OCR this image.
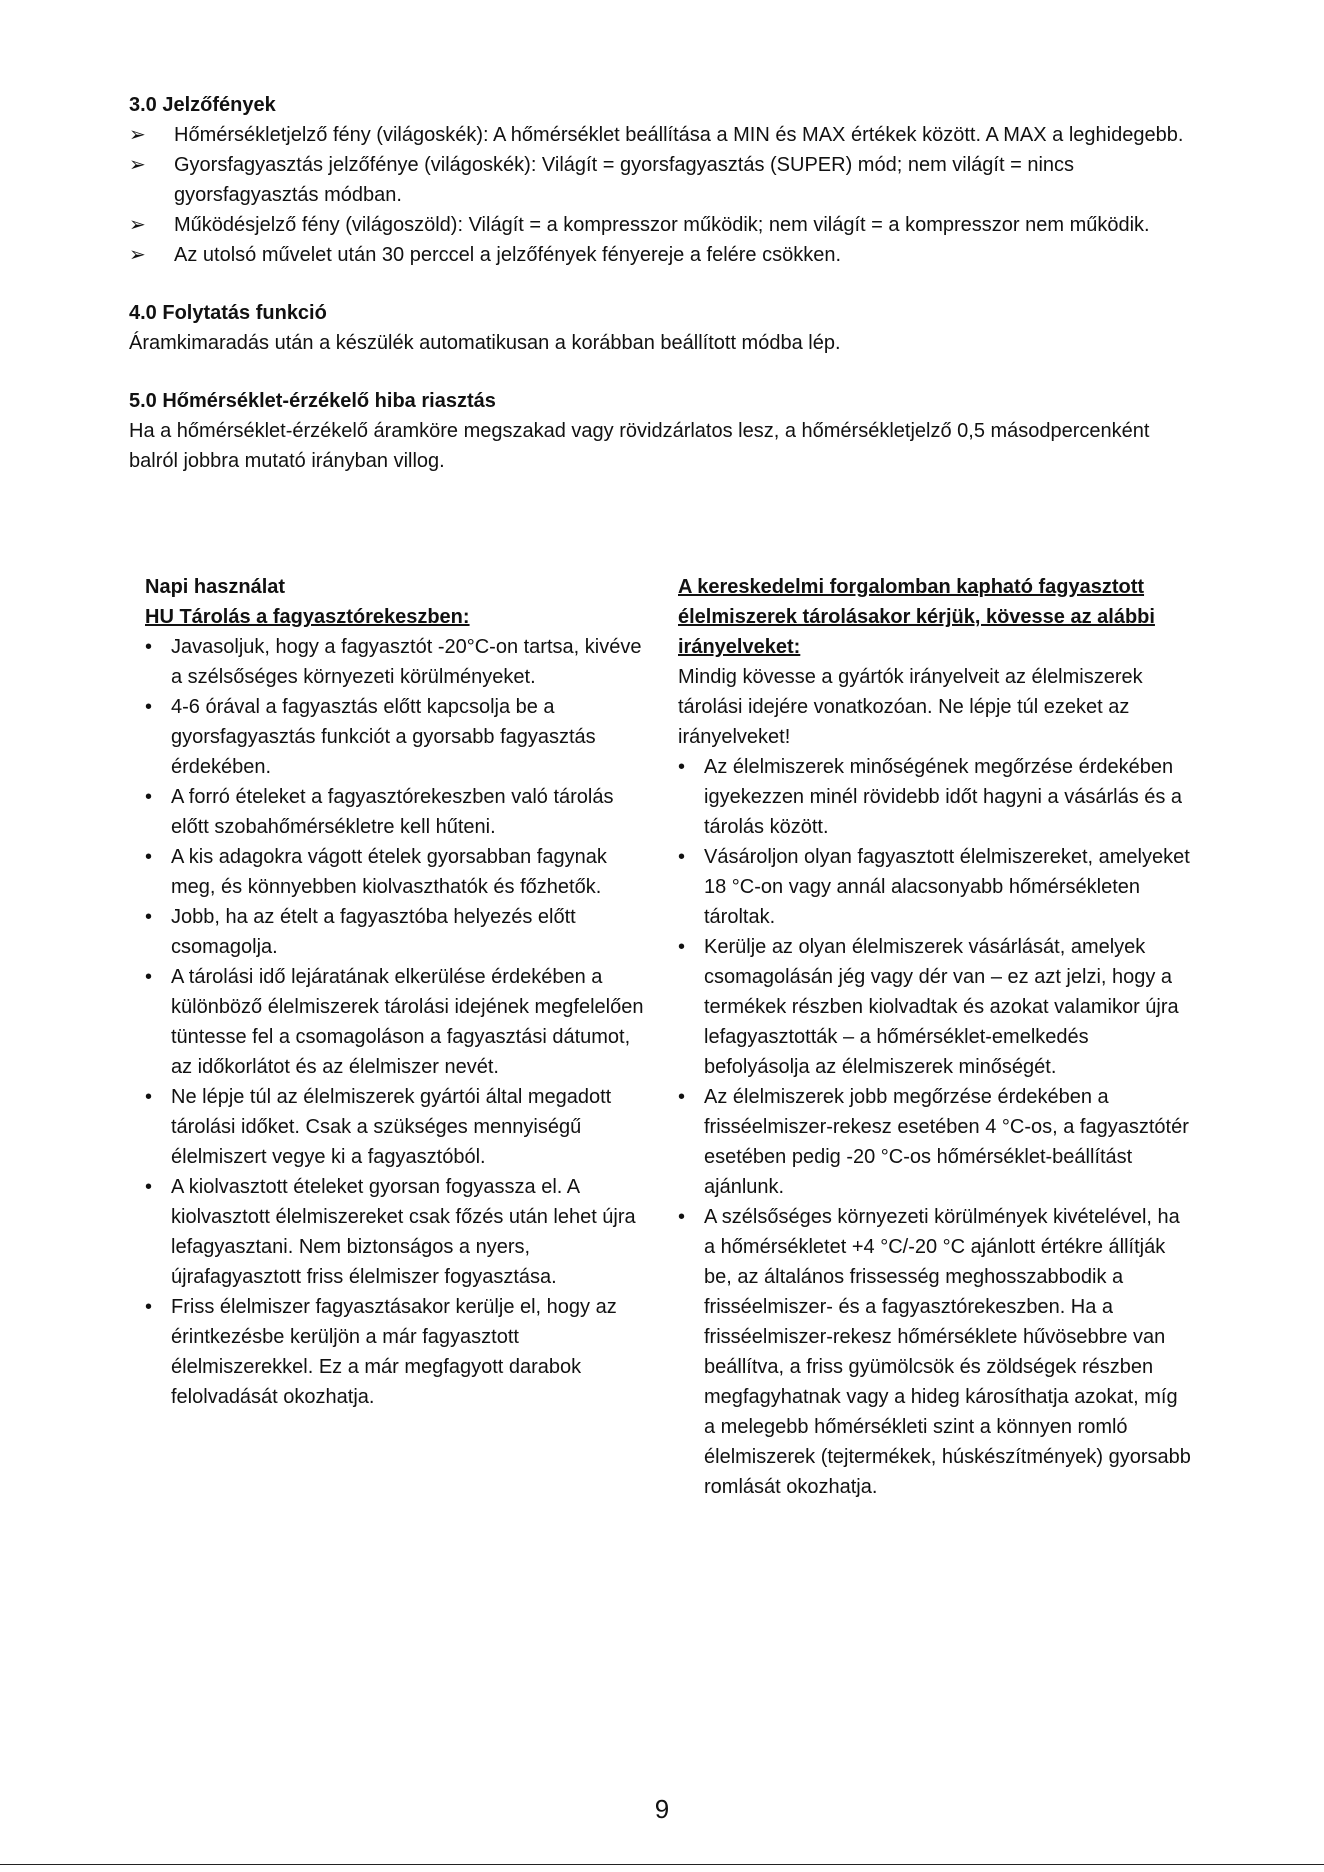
3.0 Jelzőfények
➢ Hőmérsékletjelző fény (világoskék): A hőmérséklet beállítása a MIN és MAX értékek között. A MAX a leghidegebb.
➢ Gyorsfagyasztás jelzőfénye (világoskék): Világít = gyorsfagyasztás (SUPER) mód; nem világít = nincs gyorsfagyasztás módban.
➢ Működésjelző fény (világoszöld): Világít = a kompresszor működik; nem világít = a kompresszor nem működik.
➢ Az utolsó művelet után 30 perccel a jelzőfények fényereje a felére csökken.
4.0 Folytatás funkció
Áramkimaradás után a készülék automatikusan a korábban beállított módba lép.
5.0 Hőmérséklet-érzékelő hiba riasztás
Ha a hőmérséklet-érzékelő áramköre megszakad vagy rövidzárlatos lesz, a hőmérsékletjelző 0,5 másodpercenként balról jobbra mutató irányban villog.
Napi használat
HU Tárolás a fagyasztórekeszben:
• Javasoljuk, hogy a fagyasztót -20°C-on tartsa, kivéve a szélsőséges környezeti körülményeket.
• 4-6 órával a fagyasztás előtt kapcsolja be a gyorsfagyasztás funkciót a gyorsabb fagyasztás érdekében.
• A forró ételeket a fagyasztórekeszben való tárolás előtt szobahőmérsékletre kell hűteni.
• A kis adagokra vágott ételek gyorsabban fagynak meg, és könnyebben kiolvaszthatók és főzhetők.
• Jobb, ha az ételt a fagyasztóba helyezés előtt csomagolja.
• A tárolási idő lejáratának elkerülése érdekében a különböző élelmiszerek tárolási idejének megfelelően tüntesse fel a csomagoláson a fagyasztási dátumot, az időkorlátot és az élelmiszer nevét.
• Ne lépje túl az élelmiszerek gyártói által megadott tárolási időket. Csak a szükséges mennyiségű élelmiszert vegye ki a fagyasztóból.
• A kiolvasztott ételeket gyorsan fogyassza el. A kiolvasztott élelmiszereket csak főzés után lehet újra lefagyasztani. Nem biztonságos a nyers, újrafagyasztott friss élelmiszer fogyasztása.
• Friss élelmiszer fagyasztásakor kerülje el, hogy az érintkezésbe kerüljön a már fagyasztott élelmiszerekkel. Ez a már megfagyott darabok felolvadását okozhatja.
A kereskedelmi forgalomban kapható fagyasztott élelmiszerek tárolásakor kérjük, kövesse az alábbi irányelveket:
Mindig kövesse a gyártók irányelveit az élelmiszerek tárolási idejére vonatkozóan. Ne lépje túl ezeket az irányelveket!
• Az élelmiszerek minőségének megőrzése érdekében igyekezzen minél rövidebb időt hagyni a vásárlás és a tárolás között.
• Vásároljon olyan fagyasztott élelmiszereket, amelyeket 18 °C-on vagy annál alacsonyabb hőmérsékleten tároltak.
• Kerülje az olyan élelmiszerek vásárlását, amelyek csomagolásán jég vagy dér van – ez azt jelzi, hogy a termékek részben kiolvadtak és azokat valamikor újra lefagyasztották – a hőmérséklet-emelkedés befolyásolja az élelmiszerek minőségét.
• Az élelmiszerek jobb megőrzése érdekében a frisséelmiszer-rekesz esetében 4 °C-os, a fagyasztótér esetében pedig -20 °C-os hőmérséklet-beállítást ajánlunk.
• A szélsőséges környezeti körülmények kivételével, ha a hőmérsékletet +4 °C/-20 °C ajánlott értékre állítják be, az általános frissesség meghosszabbodik a frisséelmiszer- és a fagyasztórekeszben. Ha a frisséelmiszer-rekesz hőmérséklete hűvösebbre van beállítva, a friss gyümölcsök és zöldségek részben megfagyhatnak vagy a hideg károsíthatja azokat, míg a melegebb hőmérsékleti szint a könnyen romló élelmiszerek (tejtermékek, húskészítmények) gyorsabb romlását okozhatja.
9
